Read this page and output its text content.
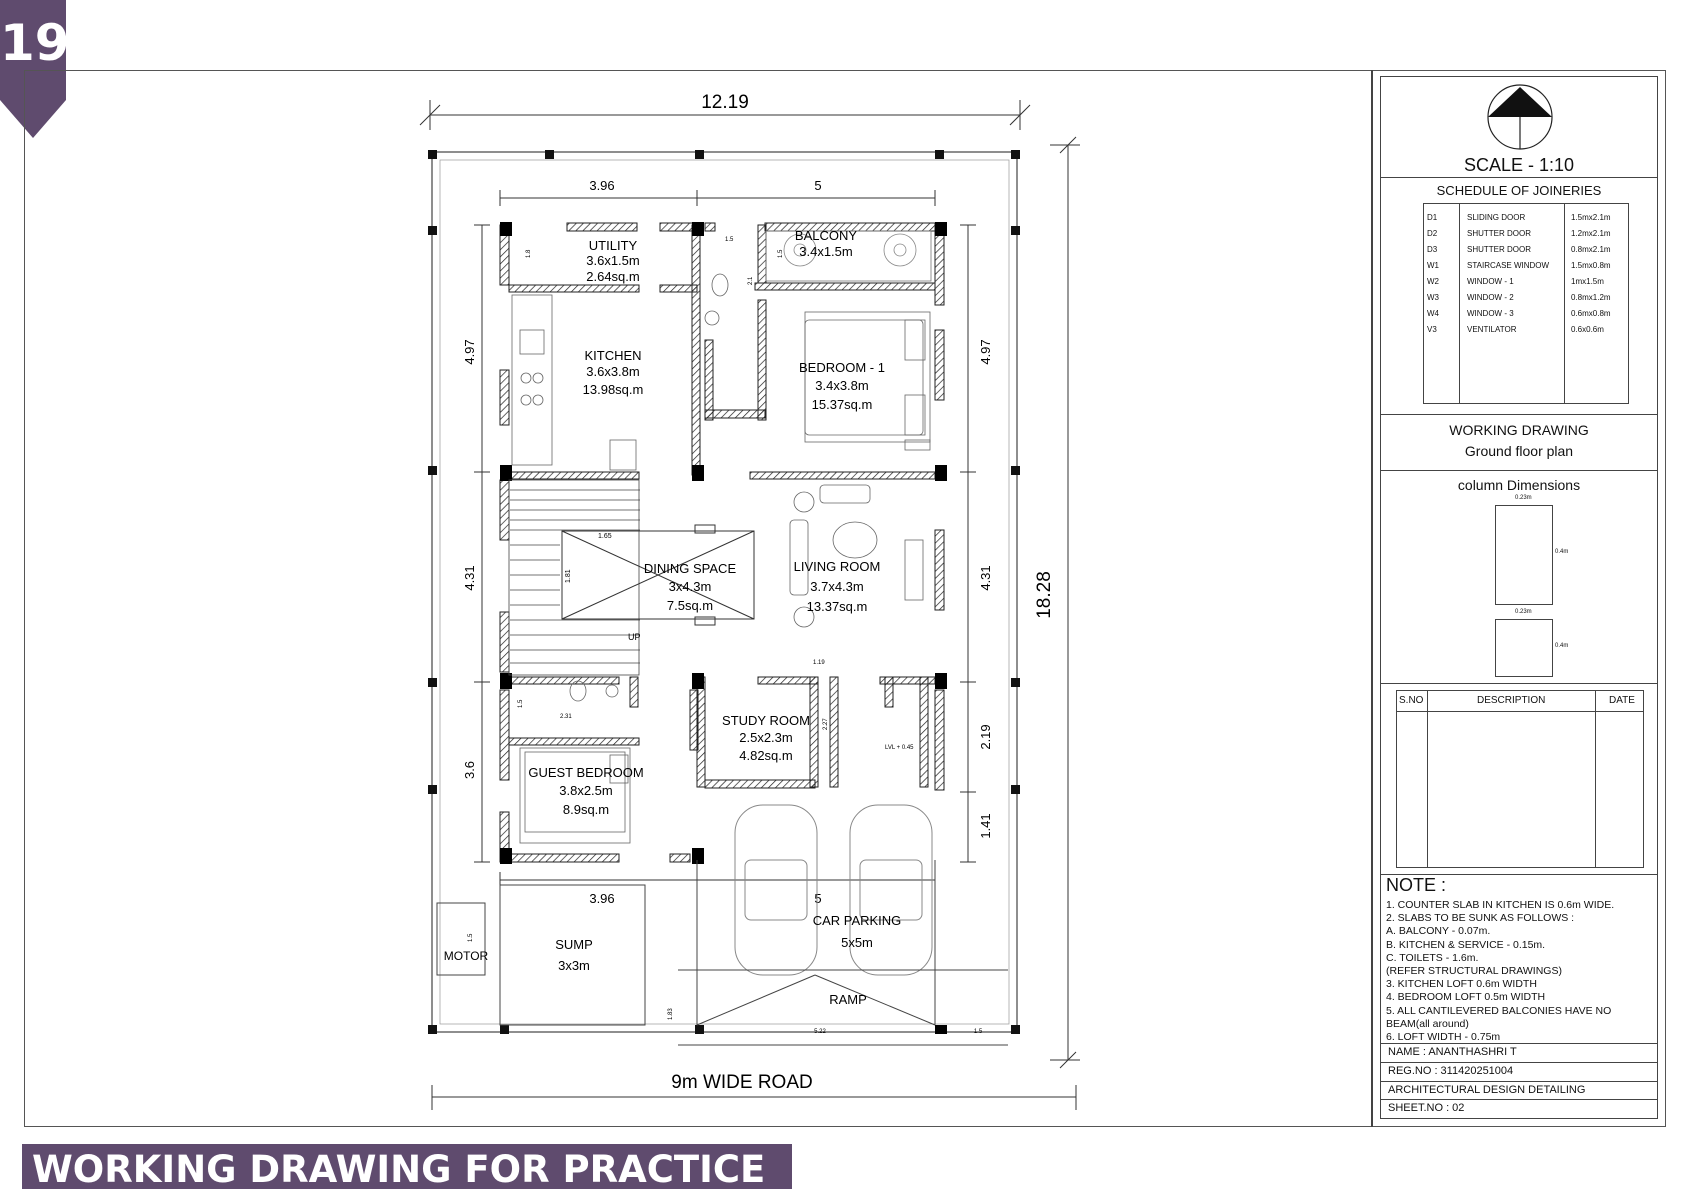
19
12.19
18.28
3.96	5
4.97
4.31
3.6
4.97
4.31
2.19
1.41
3.96	5
UP
1.65
1.81
5.22	1.5
1.5
1.83
1.5
2.1
1.8	1.5
1.5
2.31
1.19
2.27
LVL + 0.45
UTILITY
3.6x1.5m
2.64sq.m
BALCONY
3.4x1.5m
KITCHEN
3.6x3.8m
13.98sq.m
BEDROOM - 1
3.4x3.8m
15.37sq.m
DINING SPACE
3x4.3m
7.5sq.m
LIVING ROOM
3.7x4.3m
13.37sq.m
STUDY ROOM
2.5x2.3m
4.82sq.m
GUEST BEDROOM
3.8x2.5m
8.9sq.m
CAR PARKING
5x5m
SUMP
3x3m
MOTOR
RAMP
9m WIDE ROAD
SCALE - 1:10
SCHEDULE OF JOINERIES
D1	SLIDING DOOR	1.5mx2.1m
D2	SHUTTER DOOR	1.2mx2.1m
D3	SHUTTER DOOR	0.8mx2.1m
W1	STAIRCASE WINDOW	1.5mx0.8m
W2	WINDOW - 1	1mx1.5m
W3	WINDOW - 2	0.8mx1.2m
W4	WINDOW - 3	0.6mx0.8m
V3	VENTILATOR	0.6x0.6m
WORKING DRAWING
Ground floor plan
column Dimensions
0.23m
0.4m
0.23m
0.4m
S.NO	DESCRIPTION	DATE
NOTE :
1. COUNTER SLAB IN KITCHEN IS 0.6m WIDE.
2. SLABS TO BE SUNK AS FOLLOWS :
A. BALCONY - 0.07m.
B. KITCHEN & SERVICE - 0.15m.
C. TOILETS - 1.6m.
(REFER STRUCTURAL DRAWINGS)
3. KITCHEN LOFT 0.6m WIDTH
4. BEDROOM LOFT 0.5m WIDTH
5. ALL CANTILEVERED BALCONIES HAVE NO
BEAM(all around)
6. LOFT WIDTH - 0.75m
NAME : ANANTHASHRI T
REG.NO : 311420251004
ARCHITECTURAL DESIGN DETAILING
SHEET.NO : 02
WORKING DRAWING FOR PRACTICE
